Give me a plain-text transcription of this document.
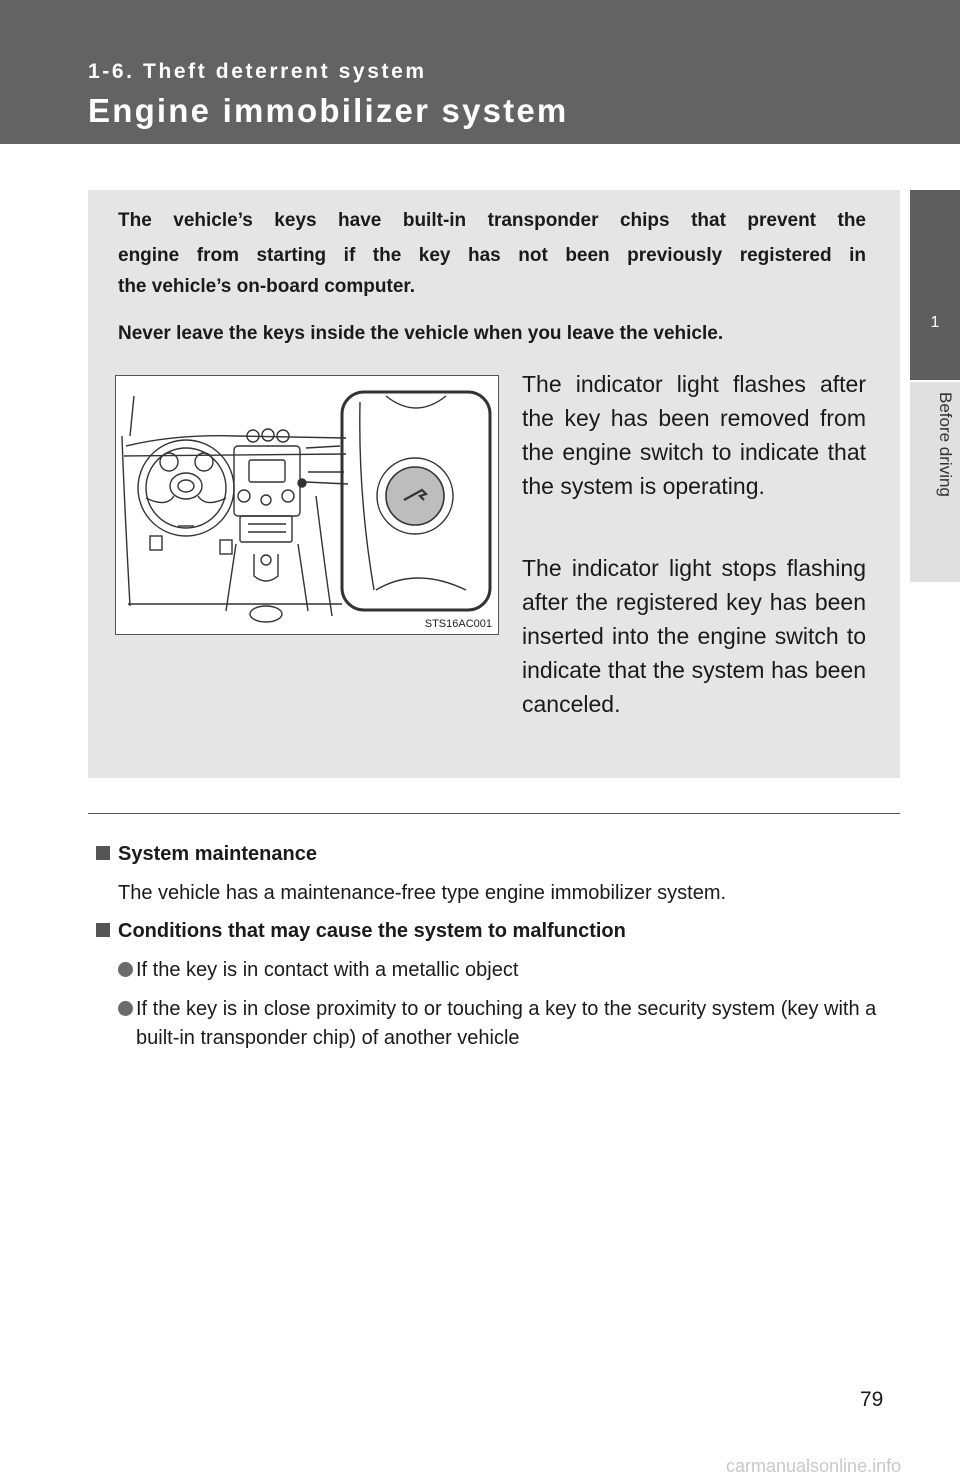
1-6. Theft deterrent system
Engine immobilizer system
1
Before driving

The vehicle’s keys have built-in transponder chips that prevent the

engine from starting if the key has not been previously registered in

the vehicle’s on-board computer.

Never leave the keys inside the vehicle when you leave the vehicle.

STS16AC001

The indicator light flashes after the key has been removed from the engine switch to indicate that the system is operating.

The indicator light stops flashing after the registered key has been inserted into the engine switch to indicate that the system has been canceled.

System maintenance

The vehicle has a maintenance-free type engine immobilizer system.

Conditions that may cause the system to malfunction

If the key is in contact with a metallic object

If the key is in close proximity to or touching a key to the security system (key with a built-in transponder chip) of another vehicle

79
carmanualsonline.info
